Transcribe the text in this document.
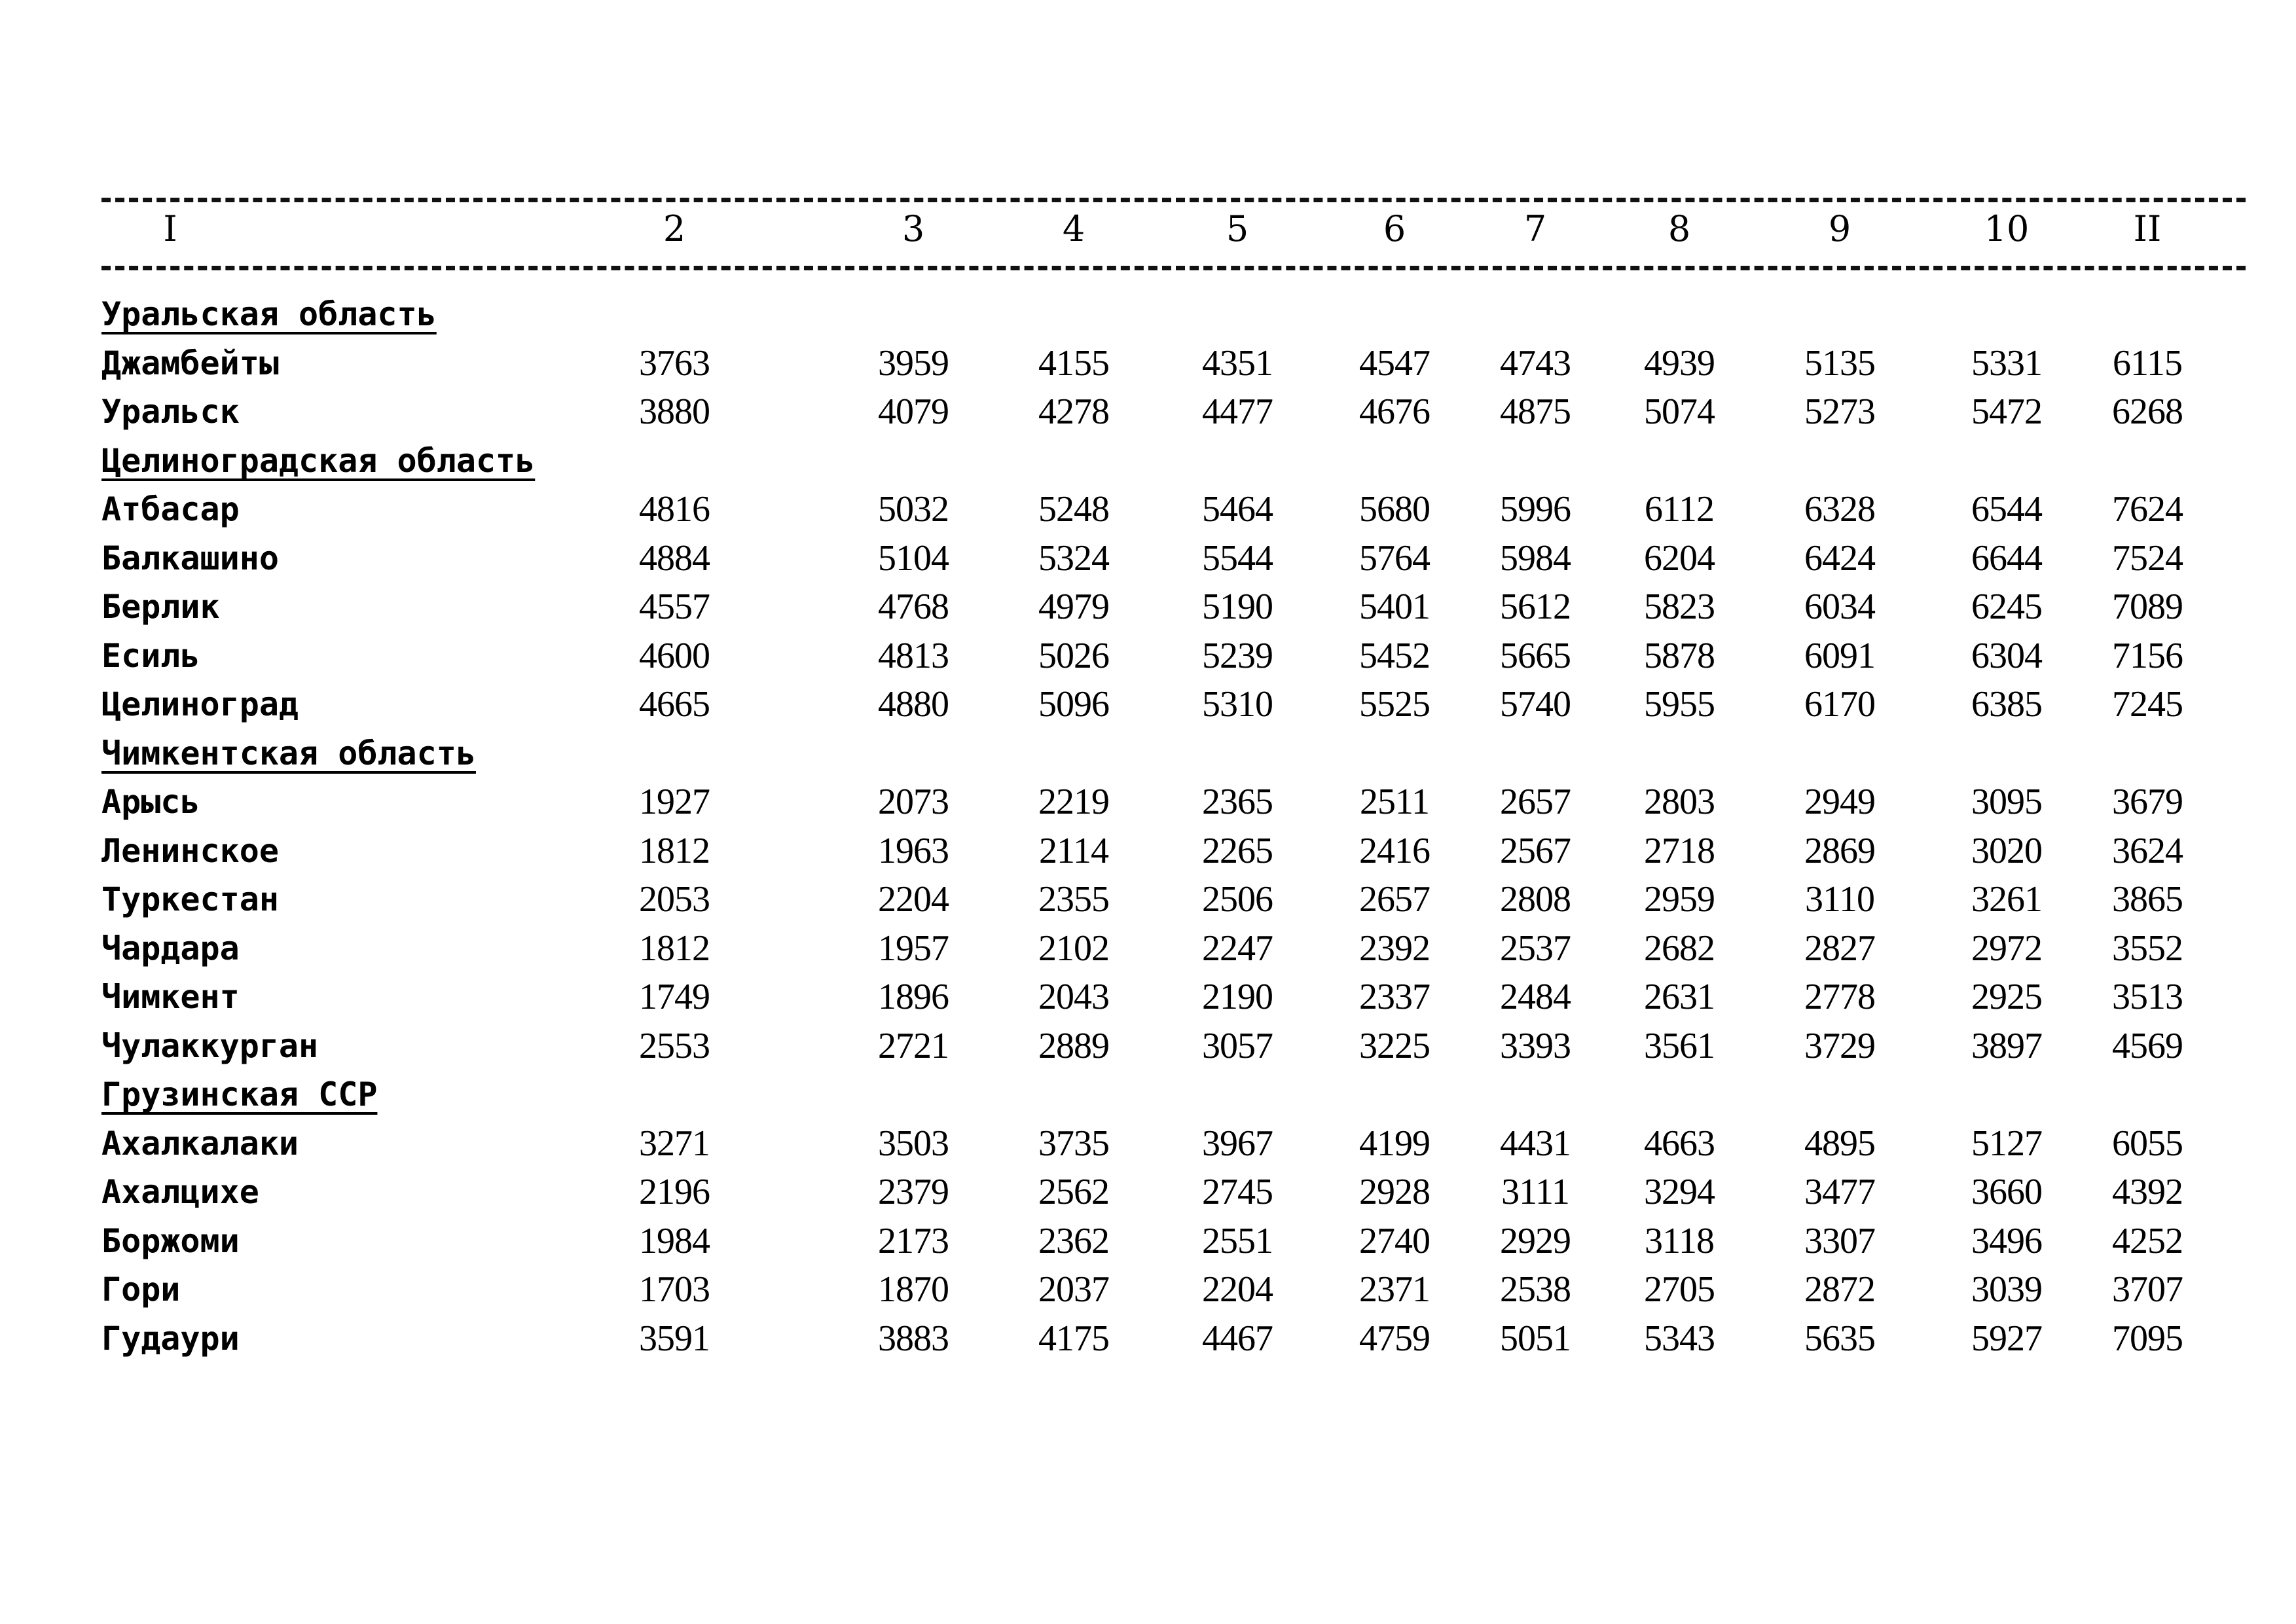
I	2	3	4	5	6	7	8	9	10	II
Уральская область
Джамбейты	3763	3959	4155	4351	4547	4743	4939	5135	5331	6115
Уральск	3880	4079	4278	4477	4676	4875	5074	5273	5472	6268
Целиноградская область
Атбасар	4816	5032	5248	5464	5680	5996	6112	6328	6544	7624
Балкашино	4884	5104	5324	5544	5764	5984	6204	6424	6644	7524
Берлик	4557	4768	4979	5190	5401	5612	5823	6034	6245	7089
Есиль	4600	4813	5026	5239	5452	5665	5878	6091	6304	7156
Целиноград	4665	4880	5096	5310	5525	5740	5955	6170	6385	7245
Чимкентская область
Арысь	1927	2073	2219	2365	2511	2657	2803	2949	3095	3679
Ленинское	1812	1963	2114	2265	2416	2567	2718	2869	3020	3624
Туркестан	2053	2204	2355	2506	2657	2808	2959	3110	3261	3865
Чардара	1812	1957	2102	2247	2392	2537	2682	2827	2972	3552
Чимкент	1749	1896	2043	2190	2337	2484	2631	2778	2925	3513
Чулаккурган	2553	2721	2889	3057	3225	3393	3561	3729	3897	4569
Грузинская ССР
Ахалкалаки	3271	3503	3735	3967	4199	4431	4663	4895	5127	6055
Ахалцихе	2196	2379	2562	2745	2928	3111	3294	3477	3660	4392
Боржоми	1984	2173	2362	2551	2740	2929	3118	3307	3496	4252
Гори	1703	1870	2037	2204	2371	2538	2705	2872	3039	3707
Гудаури	3591	3883	4175	4467	4759	5051	5343	5635	5927	7095
